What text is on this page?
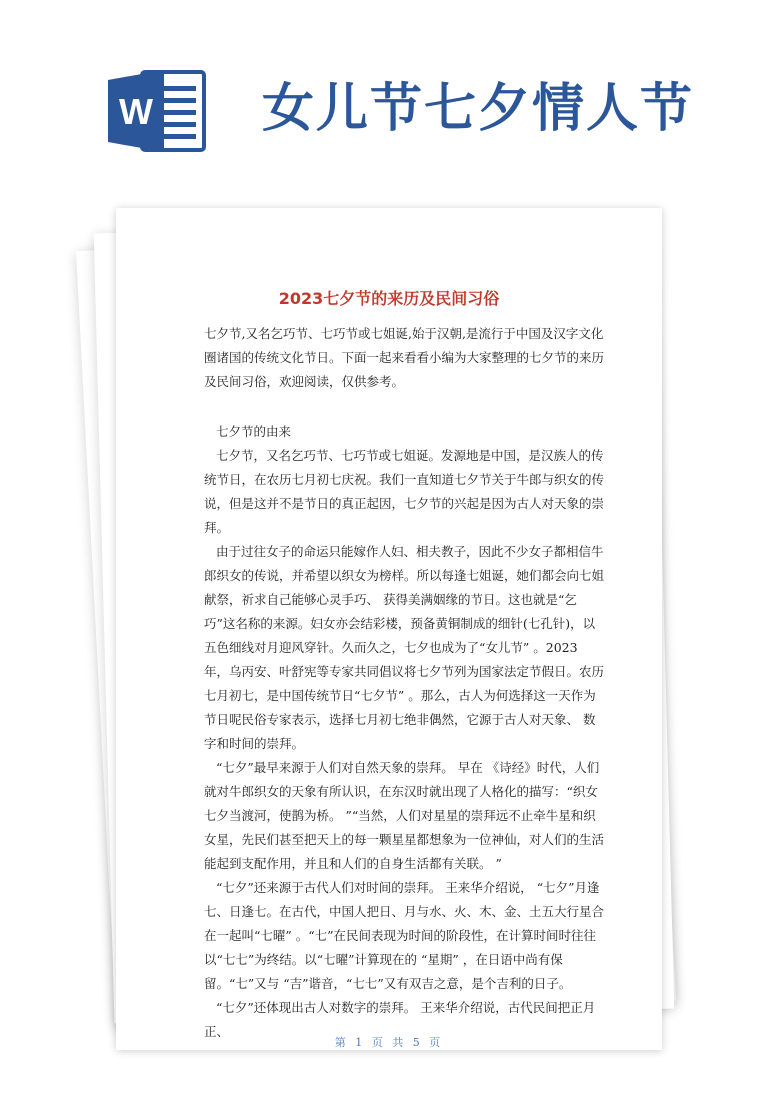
W 女儿节七夕情人节
2023七夕节的来历及民间习俗

七夕节,又名乞巧节、七巧节或七姐诞,始于汉朝,是流行于中国及汉字文化圈诸国的传统文化节日。下面一起来看看小编为大家整理的七夕节的来历及民间习俗，欢迎阅读，仅供参考。

七夕节的由来

七夕节，又名乞巧节、七巧节或七姐诞。发源地是中国，是汉族人的传统节日，在农历七月初七庆祝。我们一直知道七夕节关于牛郎与织女的传说，但是这并不是节日的真正起因，七夕节的兴起是因为古人对天象的崇拜。

由于过往女子的命运只能嫁作人妇、相夫教子，因此不少女子都相信牛郎织女的传说，并希望以织女为榜样。所以每逢七姐诞，她们都会向七姐献祭，祈求自己能够心灵手巧、 获得美满姻缘的节日。这也就是“乞巧”这名称的来源。妇女亦会结彩楼，预备黄铜制成的细针(七孔针)，以五色细线对月迎风穿针。久而久之，七夕也成为了“女儿节” 。2023 年，乌丙安、叶舒宪等专家共同倡议将七夕节列为国家法定节假日。农历七月初七，是中国传统节日“七夕节” 。那么，古人为何选择这一天作为节日呢民俗专家表示，选择七月初七绝非偶然，它源于古人对天象、 数字和时间的崇拜。

“七夕”最早来源于人们对自然天象的崇拜。 早在 《诗经》时代，人们就对牛郎织女的天象有所认识，在东汉时就出现了人格化的描写：“织女七夕当渡河，使鹊为桥。 ”“当然，人们对星星的崇拜远不止牵牛星和织女星，先民们甚至把天上的每一颗星星都想象为一位神仙，对人们的生活能起到支配作用，并且和人们的自身生活都有关联。 ”

“七夕”还来源于古代人们对时间的崇拜。 王来华介绍说， “七夕”月逢七、日逢七。在古代，中国人把日、月与水、火、木、金、土五大行星合在一起叫“七曜” 。“七”在民间表现为时间的阶段性，在计算时间时往往以“七七”为终结。以“七曜”计算现在的 “星期” ，在日语中尚有保留。“七”又与 “吉”谐音，“七七”又有双吉之意，是个吉利的日子。

“七夕”还体现出古人对数字的崇拜。 王来华介绍说，古代民间把正月正、

第 1 页 共 5 页
